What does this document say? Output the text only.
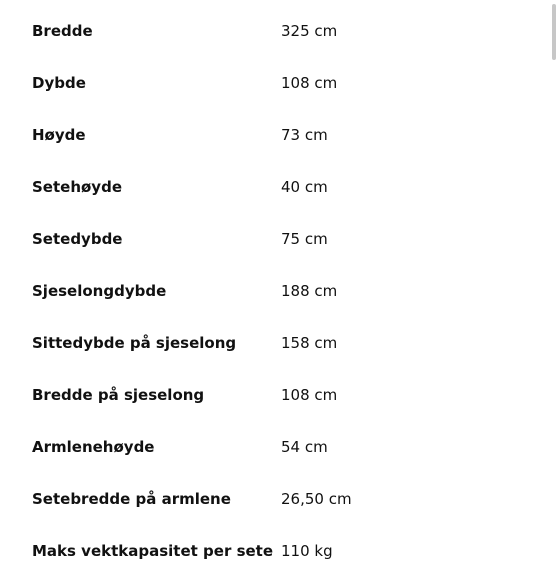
Bredde	325 cm
Dybde	108 cm
Høyde	73 cm
Setehøyde	40 cm
Setedybde	75 cm
Sjeselongdybde	188 cm
Sittedybde på sjeselong	158 cm
Bredde på sjeselong	108 cm
Armlenehøyde	54 cm
Setebredde på armlene	26,50 cm
Maks vektkapasitet per sete 110 kg
